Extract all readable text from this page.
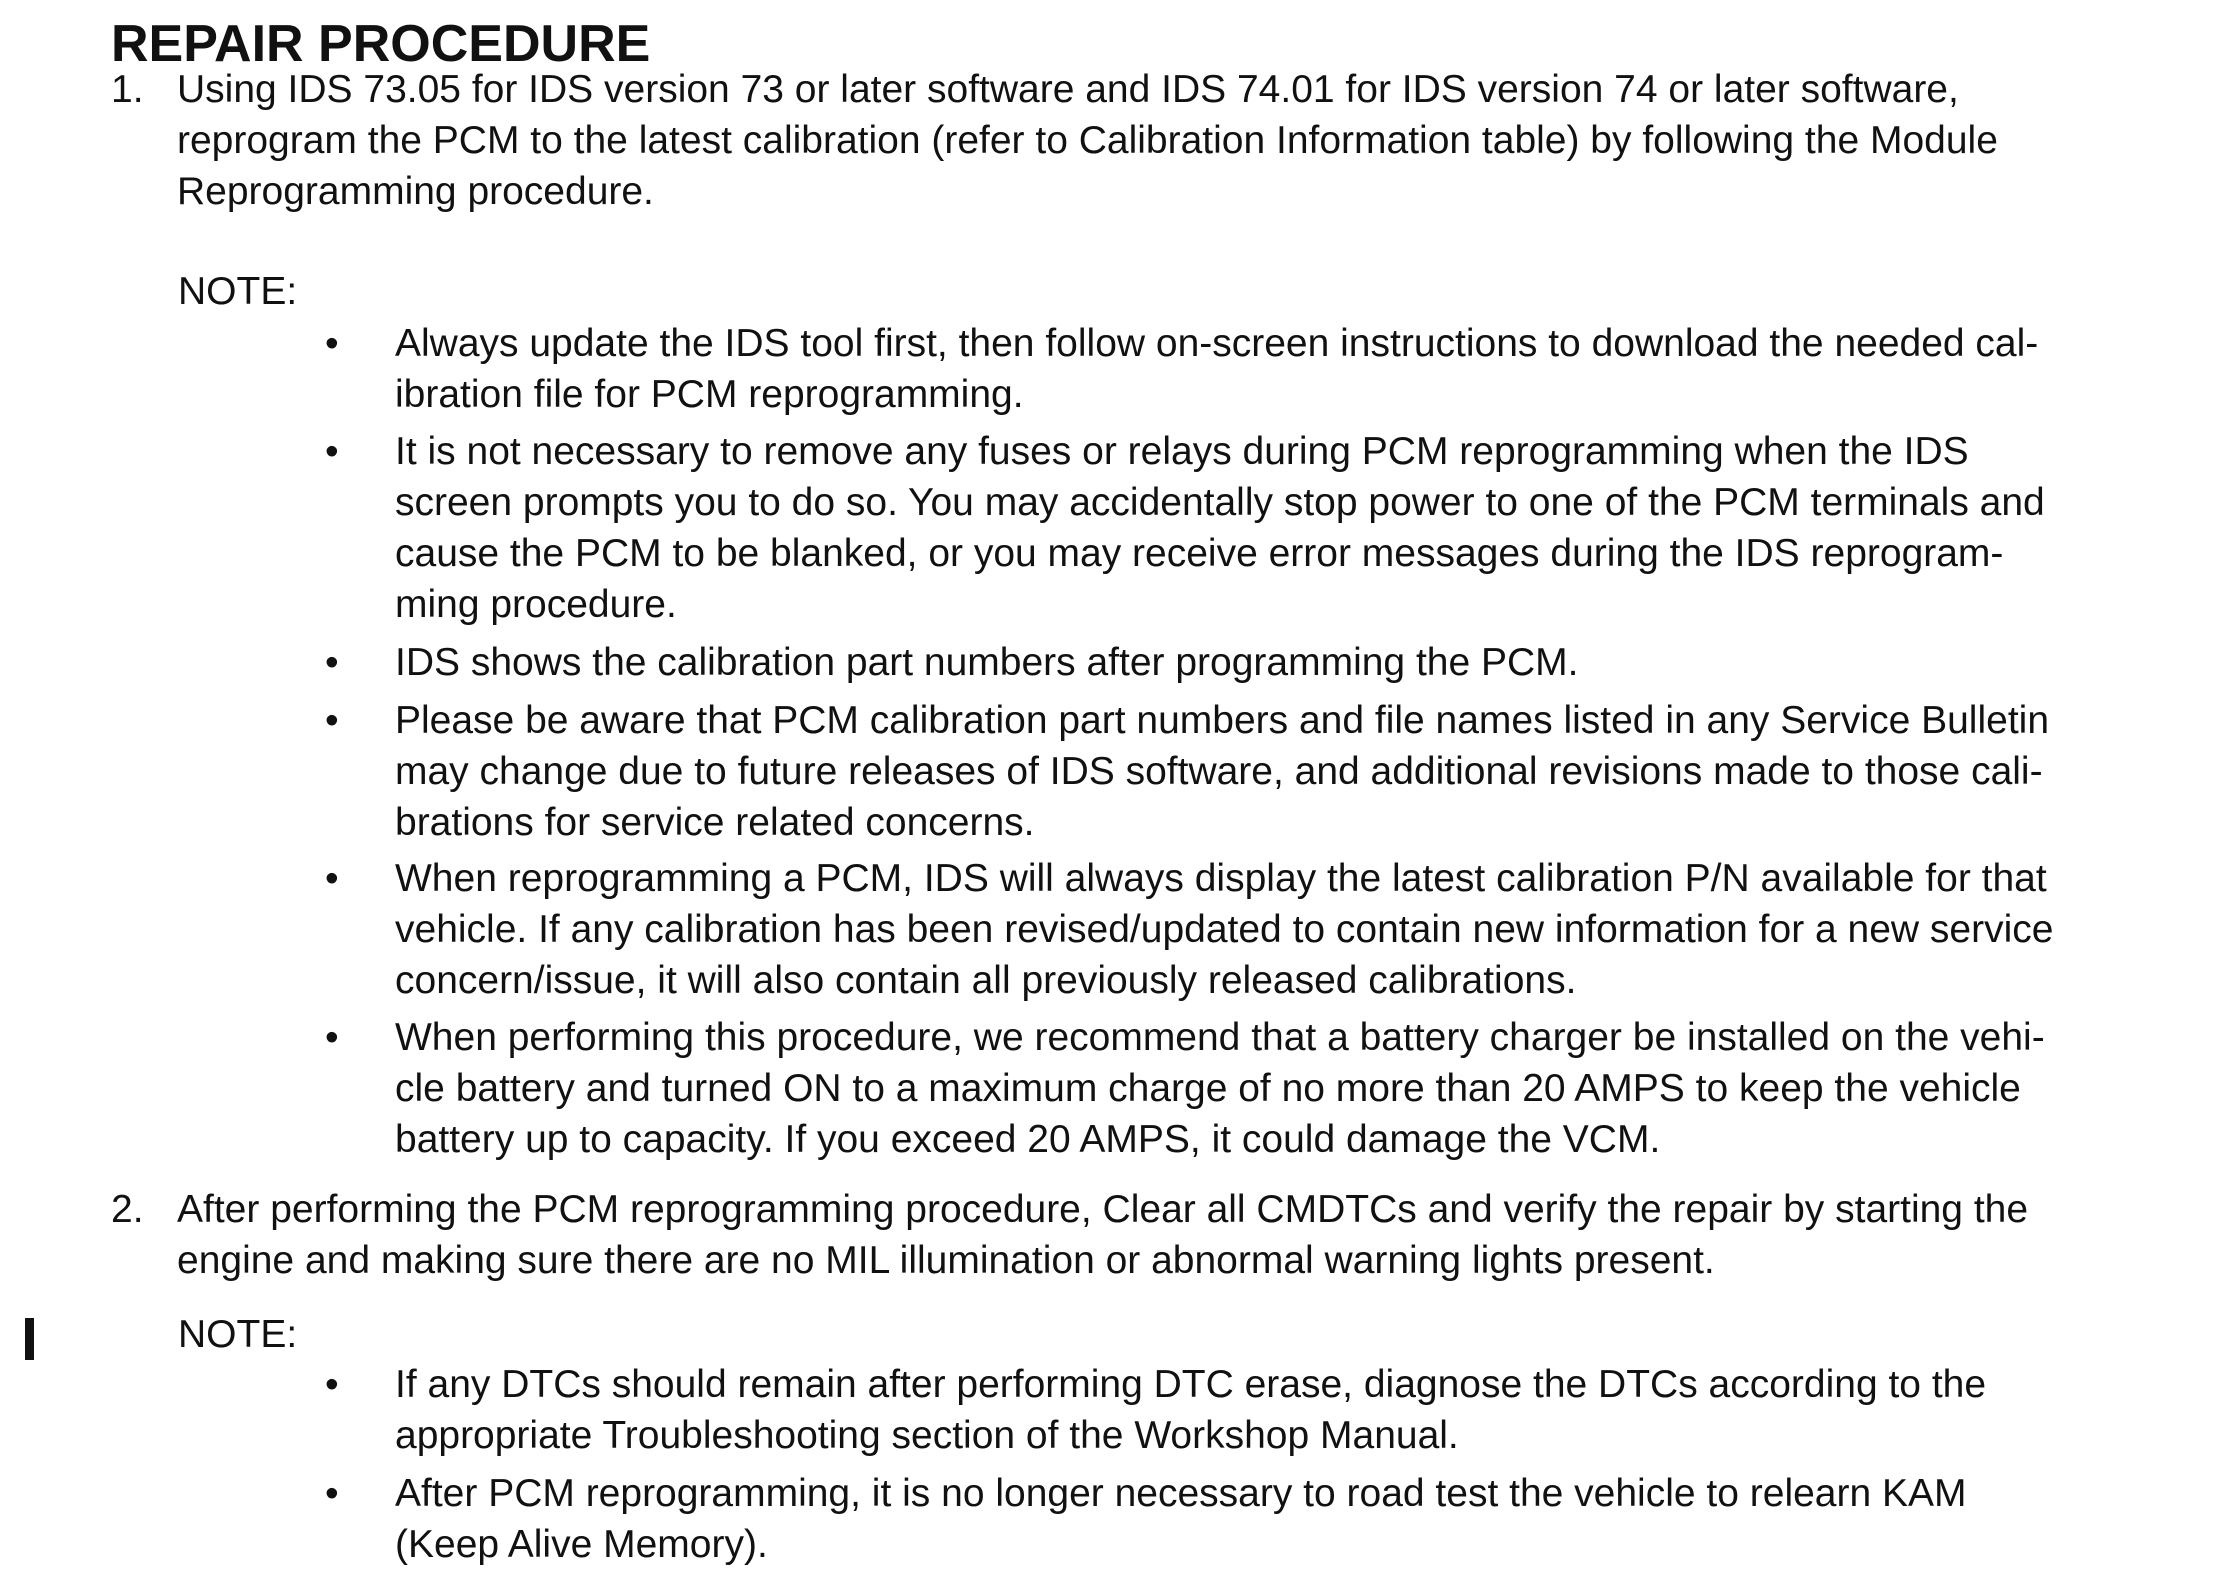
REPAIR PROCEDURE
1. Using IDS 73.05 for IDS version 73 or later software and IDS 74.01 for IDS version 74 or later software,
reprogram the PCM to the latest calibration (refer to Calibration Information table) by following the Module
Reprogramming procedure.
NOTE:
• Always update the IDS tool first, then follow on-screen instructions to download the needed cal-
ibration file for PCM reprogramming.
• It is not necessary to remove any fuses or relays during PCM reprogramming when the IDS
screen prompts you to do so. You may accidentally stop power to one of the PCM terminals and
cause the PCM to be blanked, or you may receive error messages during the IDS reprogram-
ming procedure.
• IDS shows the calibration part numbers after programming the PCM.
• Please be aware that PCM calibration part numbers and file names listed in any Service Bulletin
may change due to future releases of IDS software, and additional revisions made to those cali-
brations for service related concerns.
• When reprogramming a PCM, IDS will always display the latest calibration P/N available for that
vehicle. If any calibration has been revised/updated to contain new information for a new service
concern/issue, it will also contain all previously released calibrations.
• When performing this procedure, we recommend that a battery charger be installed on the vehi-
cle battery and turned ON to a maximum charge of no more than 20 AMPS to keep the vehicle
battery up to capacity. If you exceed 20 AMPS, it could damage the VCM.
2. After performing the PCM reprogramming procedure, Clear all CMDTCs and verify the repair by starting the
engine and making sure there are no MIL illumination or abnormal warning lights present.
NOTE:
• If any DTCs should remain after performing DTC erase, diagnose the DTCs according to the
appropriate Troubleshooting section of the Workshop Manual.
• After PCM reprogramming, it is no longer necessary to road test the vehicle to relearn KAM
(Keep Alive Memory).
